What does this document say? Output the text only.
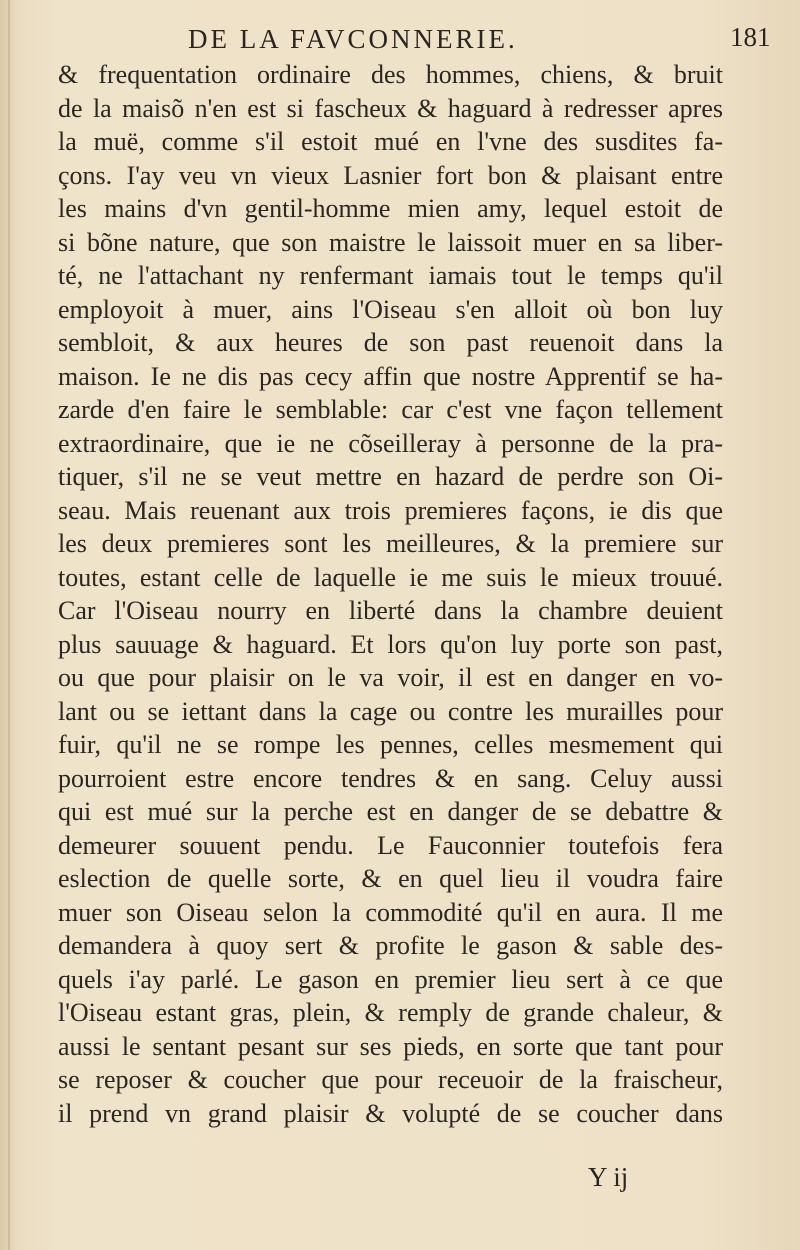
DE LA FAVCONNERIE.	181
& frequentation ordinaire des hommes, chiens, & bruit
de la maisõ n'en est si fascheux & haguard à redresser apres
la muë, comme s'il estoit mué en l'vne des susdites fa-
çons. I'ay veu vn vieux Lasnier fort bon & plaisant entre
les mains d'vn gentil-homme mien amy, lequel estoit de
si bõne nature, que son maistre le laissoit muer en sa liber-
té, ne l'attachant ny renfermant iamais tout le temps qu'il
employoit à muer, ains l'Oiseau s'en alloit où bon luy
sembloit, & aux heures de son past reuenoit dans la
maison. Ie ne dis pas cecy affin que nostre Apprentif se ha-
zarde d'en faire le semblable: car c'est vne façon tellement
extraordinaire, que ie ne cõseilleray à personne de la pra-
tiquer, s'il ne se veut mettre en hazard de perdre son Oi-
seau. Mais reuenant aux trois premieres façons, ie dis que
les deux premieres sont les meilleures, & la premiere sur
toutes, estant celle de laquelle ie me suis le mieux trouué.
Car l'Oiseau nourry en liberté dans la chambre deuient
plus sauuage & haguard. Et lors qu'on luy porte son past,
ou que pour plaisir on le va voir, il est en danger en vo-
lant ou se iettant dans la cage ou contre les murailles pour
fuir, qu'il ne se rompe les pennes, celles mesmement qui
pourroient estre encore tendres & en sang. Celuy aussi
qui est mué sur la perche est en danger de se debattre &
demeurer souuent pendu. Le Fauconnier toutefois fera
eslection de quelle sorte, & en quel lieu il voudra faire
muer son Oiseau selon la commodité qu'il en aura. Il me
demandera à quoy sert & profite le gason & sable des-
quels i'ay parlé. Le gason en premier lieu sert à ce que
l'Oiseau estant gras, plein, & remply de grande chaleur, &
aussi le sentant pesant sur ses pieds, en sorte que tant pour
se reposer & coucher que pour receuoir de la fraischeur,
il prend vn grand plaisir & volupté de se coucher dans
Y ij
